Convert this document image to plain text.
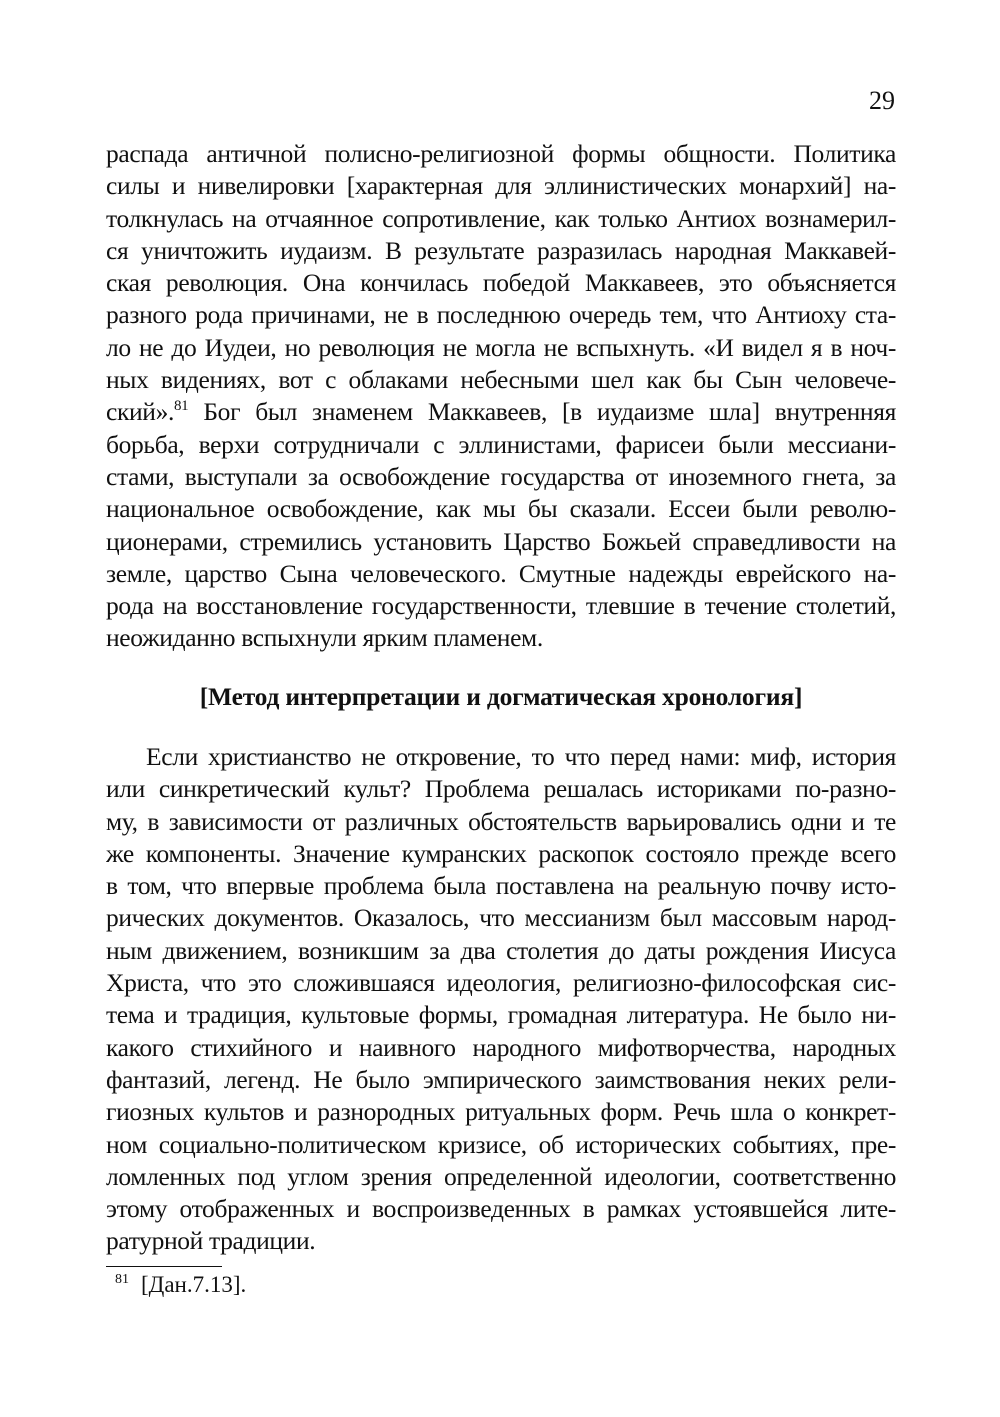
29
распада античной полисно-религиозной формы общности. Политика
силы и нивелировки [характерная для эллинистических монархий] на-
толкнулась на отчаянное сопротивление, как только Антиох вознамерил-
ся уничтожить иудаизм. В результате разразилась народная Маккавей-
ская революция. Она кончилась победой Маккавеев, это объясняется
разного рода причинами, не в последнюю очередь тем, что Антиоху ста-
ло не до Иудеи, но революция не могла не вспыхнуть. «И видел я в ноч-
ных видениях, вот с облаками небесными шел как бы Сын человече-
ский».$^{81}$ Бог был знаменем Маккавеев, [в иудаизме шла] внутренняя
борьба, верхи сотрудничали с эллинистами, фарисеи были мессиани-
стами, выступали за освобождение государства от иноземного гнета, за
национальное освобождение, как мы бы сказали. Ессеи были револю‑
ционерами, стремились установить Царство Божьей справедливости на
земле, царство Сына человеческого. Смутные надежды еврейского на-
рода на восстановление государственности, тлевшие в течение столетий,
неожиданно вспыхнули ярким пламенем.
[Метод интерпретации и догматическая хронология]
Если христианство не откровение, то что перед нами: миф, история
или синкретический культ? Проблема решалась историками по-разно-
му, в зависимости от различных обстоятельств варьировались одни и те
же компоненты. Значение кумранских раскопок состояло прежде всего
в том, что впервые проблема была поставлена на реальную почву исто-
рических документов. Оказалось, что мессианизм был массовым народ-
ным движением, возникшим за два столетия до даты рождения Иисуса
Христа, что это сложившаяся идеология, религиозно-философская сис-
тема и традиция, культовые формы, громадная литература. Не было ни-
какого стихийного и наивного народного мифотворчества, народных
фантазий, легенд. Не было эмпирического заимствования неких рели-
гиозных культов и разнородных ритуальных форм. Речь шла о конкрет-
ном социально-политическом кризисе, об исторических событиях, пре-
ломленных под углом зрения определенной идеологии, соответственно
этому отображенных и воспроизведенных в рамках устоявшейся лите-
ратурной традиции.
$^{81}$ [Дан.7.13].
